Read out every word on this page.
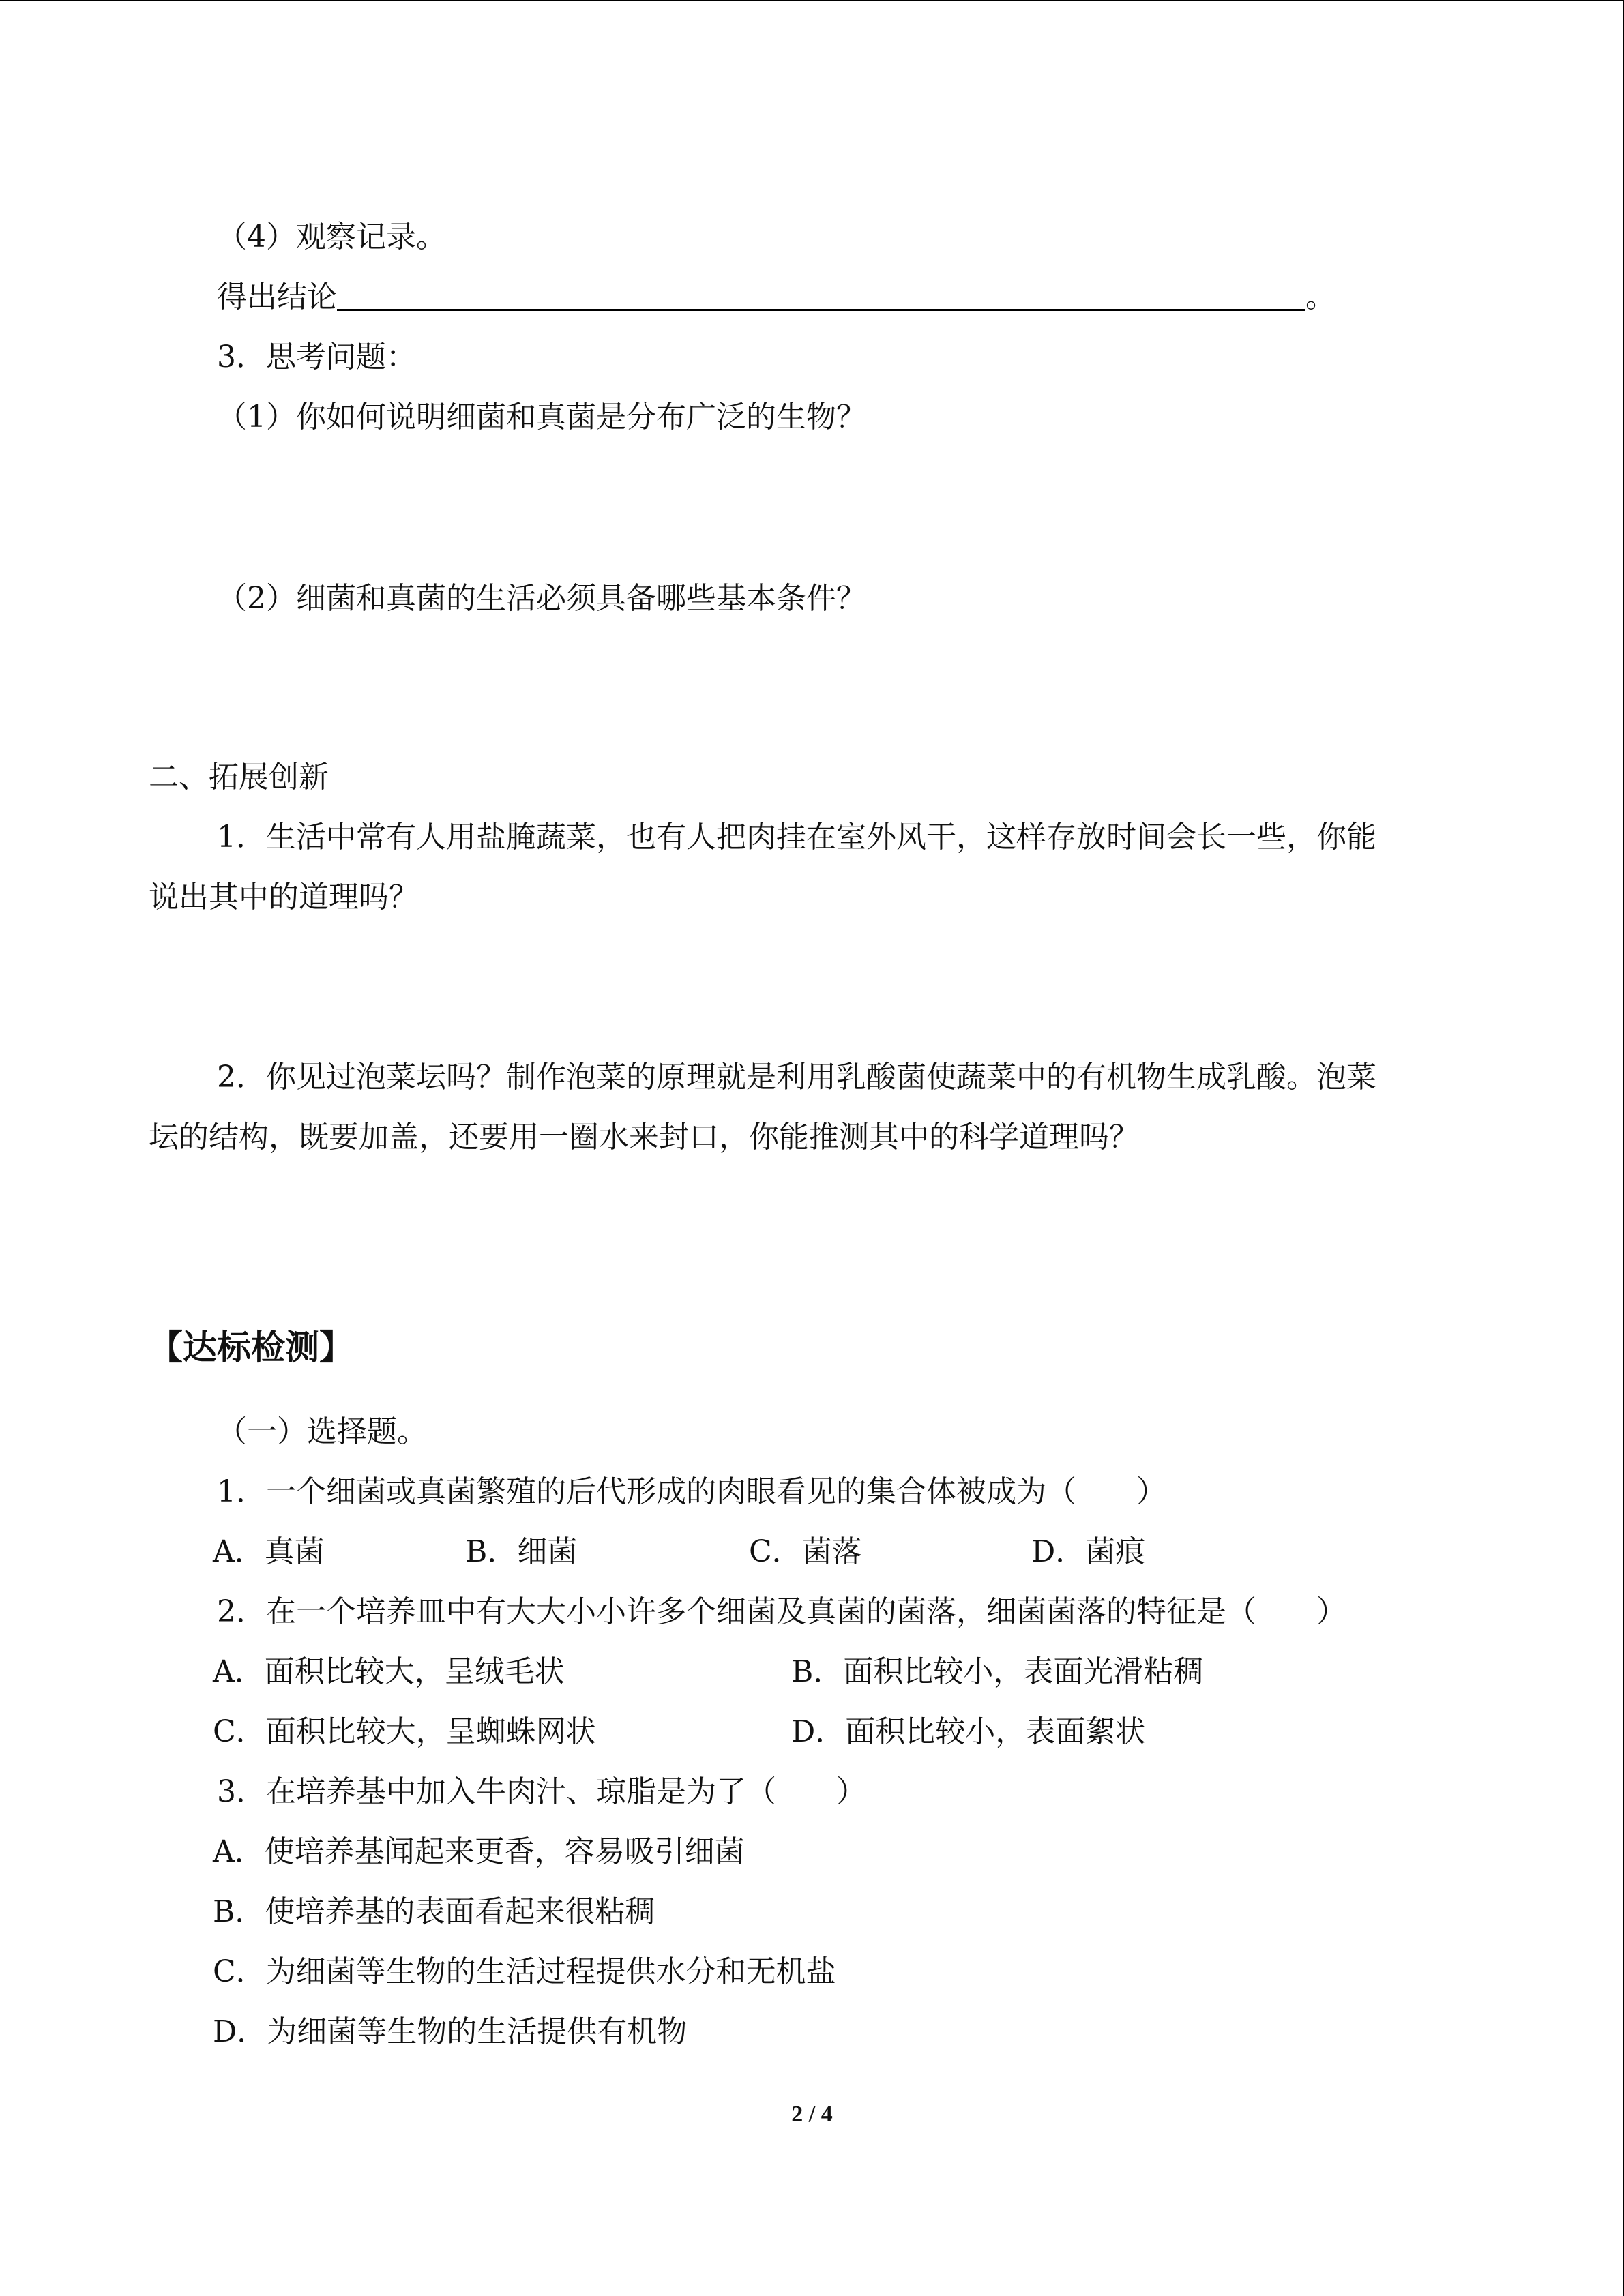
（4）观察记录。
得出结论	。
3．思考问题：
（1）你如何说明细菌和真菌是分布广泛的生物？
（2）细菌和真菌的生活必须具备哪些基本条件？
二、拓展创新
1．生活中常有人用盐腌蔬菜，也有人把肉挂在室外风干，这样存放时间会长一些，你能
说出其中的道理吗？
2．你见过泡菜坛吗？制作泡菜的原理就是利用乳酸菌使蔬菜中的有机物生成乳酸。泡菜
坛的结构，既要加盖，还要用一圈水来封口，你能推测其中的科学道理吗？
【达标检测】
（一）选择题。
1．一个细菌或真菌繁殖的后代形成的肉眼看见的集合体被成为（　　）
A．真菌	B．细菌	C．菌落	D．菌痕
2．在一个培养皿中有大大小小许多个细菌及真菌的菌落，细菌菌落的特征是（　　）
A．面积比较大，呈绒毛状	B．面积比较小，表面光滑粘稠
C．面积比较大，呈蜘蛛网状	D．面积比较小，表面絮状
3．在培养基中加入牛肉汁、琼脂是为了（　　）
A．使培养基闻起来更香，容易吸引细菌
B．使培养基的表面看起来很粘稠
C．为细菌等生物的生活过程提供水分和无机盐
D．为细菌等生物的生活提供有机物
2 / 4
